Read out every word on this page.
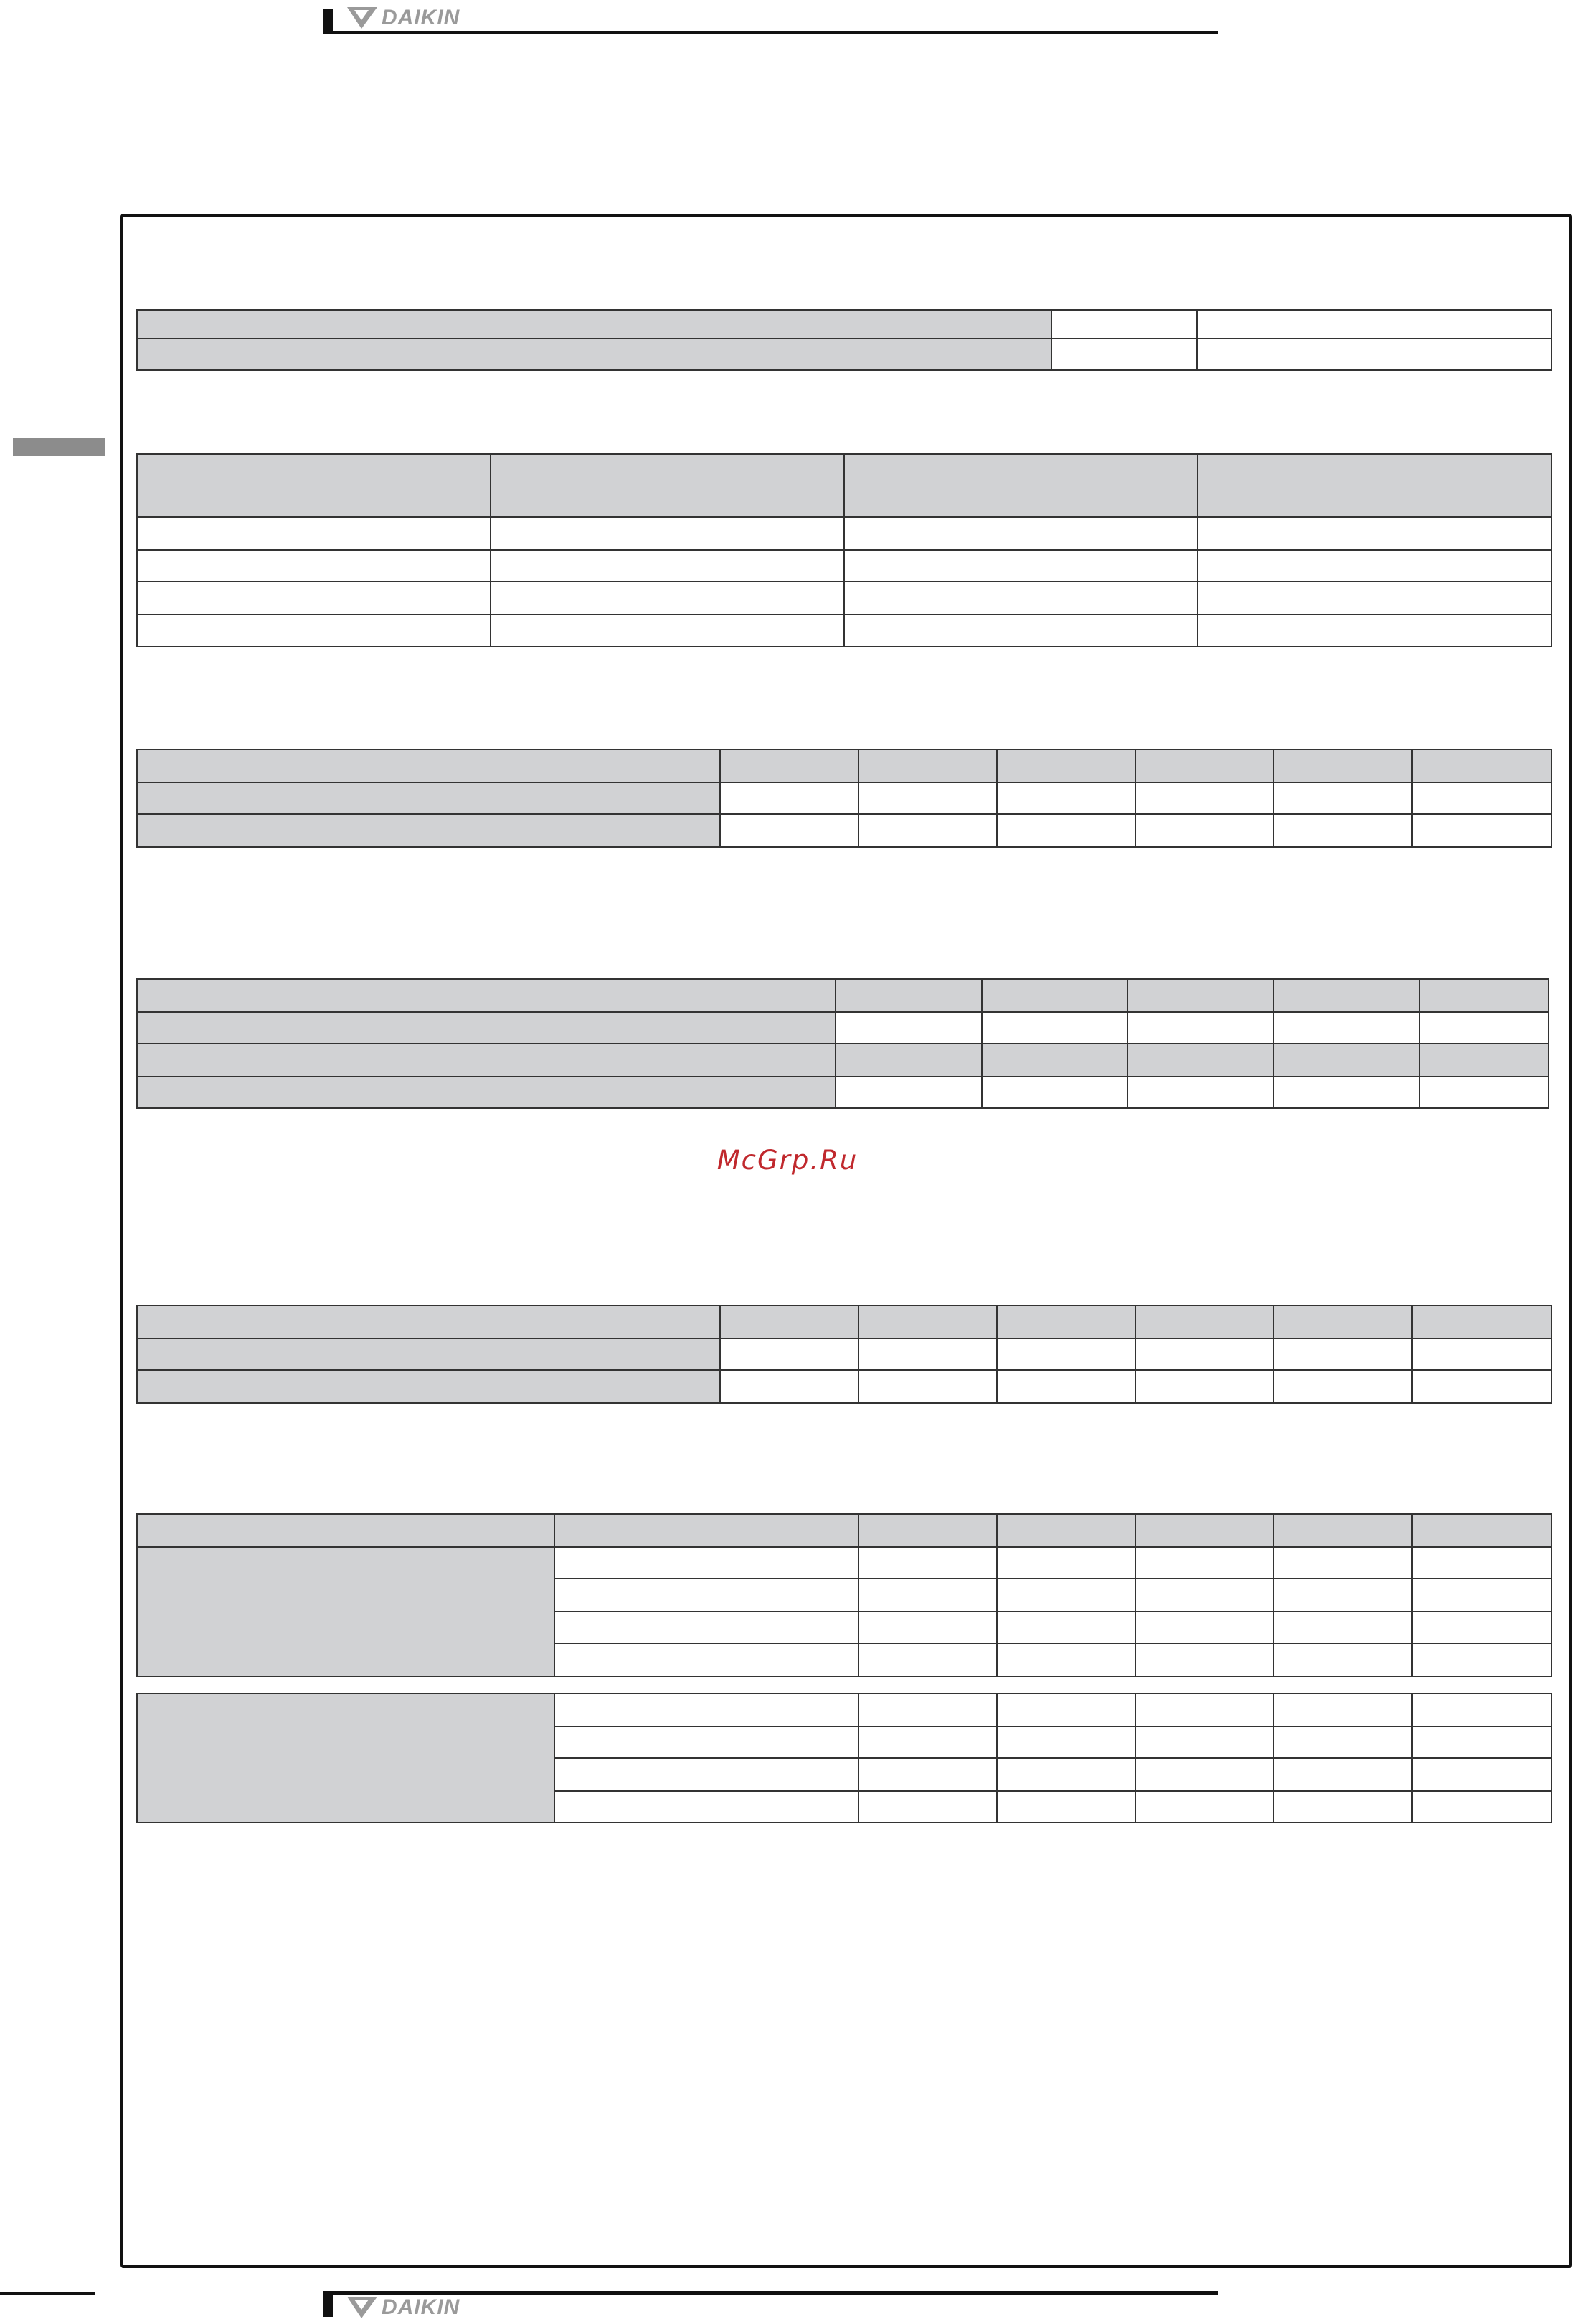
DAIKIN

McGrp.Ru

DAIKIN
